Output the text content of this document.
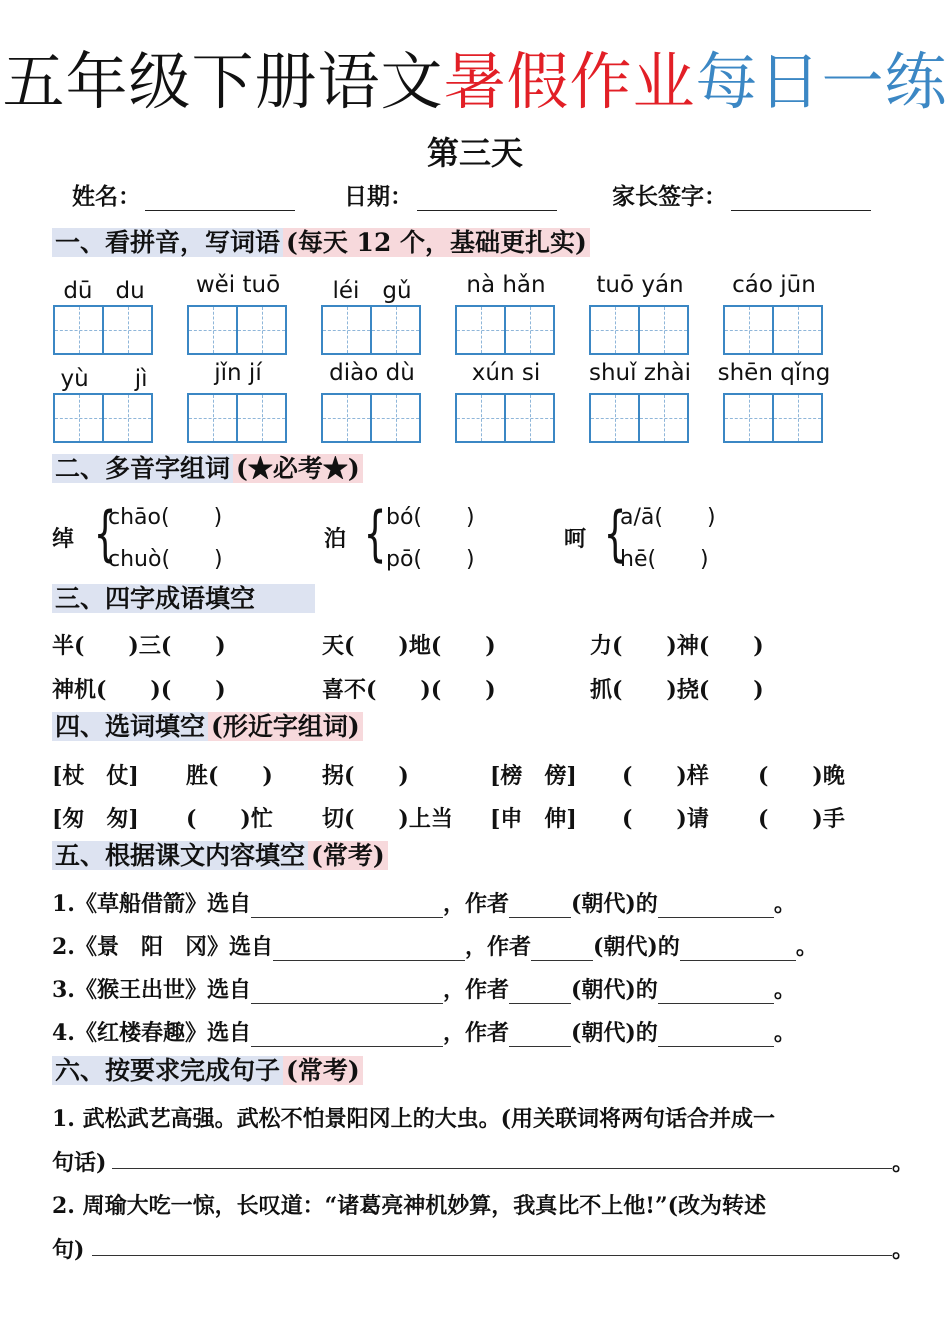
五年级下册语文暑假作业每日一练
第三天
姓名：	日期：	家长签字：
一、看拼音，写词语 (每天 12 个，基础更扎实)
dū　du	wěi tuō	léi　gǔ	nà hǎn	tuō yán	cáo jūn
yù　　jì	jǐn jí	diào dù	xún si	shuǐ zhài	shēn qǐng
二、多音字组词 (★必考★)
绰 {
chāo(　　)
chuò(　　)
泊 { bó(　　)
pō(　　)
呵 {
a/ā(　　)
hē(　　)
三、四字成语填空
半(　　)三(　　)	天(　　)地(　　)	力(　　)神(　　)
神机(　　)(　　)	喜不(　　)(　　)	抓(　　)挠(　　)
四、选词填空 (形近字组词)
[杖　仗] 胜(　　) 拐(　　)	[榜　傍] (　　)样 (　　)晚
[匆　匆] (　　)忙 切(　　)上当 [申　伸] (　　)请 (　　)手
五、根据课文内容填空 (常考)
1.《草船借箭》选自	，作者	(朝代)的	。
2.《景　阳　冈》选自	，作者	(朝代)的	。
3.《猴王出世》选自	，作者	(朝代)的	。
4.《红楼春趣》选自	，作者	(朝代)的	。
六、按要求完成句子 (常考)
1. 武松武艺高强。武松不怕景阳冈上的大虫。(用关联词将两句话合并成一
句话)	。
2. 周瑜大吃一惊，长叹道：“诸葛亮神机妙算，我真比不上他!”(改为转述
句)	。
